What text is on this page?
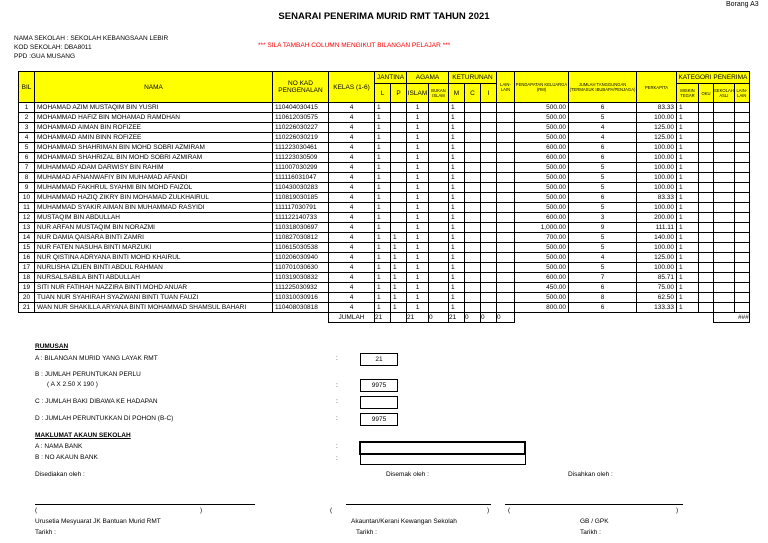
Borang A3
SENARAI PENERIMA MURID RMT TAHUN 2021
NAMA SEKOLAH : SEKOLAH KEBANGSAAN LEBIR
KOD SEKOLAH: DBA8011
PPD :GUA MUSANG
*** SILA TAMBAH COLUMN MENGIKUT BILANGAN PELAJAR ***
BIL	NAMA	NO KAD PENGENALAN	KELAS (1-6)	JANTINA		AGAMA		KETURUNAN			LAIN-LAIN	PENDAPATAN KELUARGA (RM)	JUMLAH TANGGUNGAN (TERMASUK IBUBAPA/PENJAGA)	PERKAPITA	KATEGORI PENERIMA			
				L	P	ISLAM	BUKAN ISLAM	M	C	I					MISKIN TEGAR	OKU	SEKOLAH ASLI	LAIN-LAIN
1	MOHAMAD AZIM MUSTAQIM BIN YUSRI	110404030415	4	1		1		1				500.00	6	83.33	1			
2	MOHAMMAD HAFIZ BIN MOHAMAD RAMDHAN	110612030575	4	1		1		1				500.00	5	100.00	1			
3	MOHAMMAD AIMAN BIN ROFIZEE	110226030227	4	1		1		1				500.00	4	125.00	1			
4	MOHAMMAD AMIN BINN ROFIZEE	110226030219	4	1		1		1				500.00	4	125.00	1			
5	MOHAMMAD SHAHRIMAN BIN MOHD SOBRI AZMIRAM	111223030461	4	1		1		1				600.00	6	100.00	1			
6	MOHAMMAD SHAHRIZAL BIN MOHD SOBRI AZMIRAM	111223030509	4	1		1		1				600.00	6	100.00	1			
7	MUHAMMAD ADAM DARWISY BIN RAHIM	111007030299	4	1		1		1				500.00	5	100.00	1			
8	MUHAMAD AFNANWAFIY BIN MUHAMAD AFANDI	111116031047	4	1		1		1				500.00	5	100.00	1			
9	MUHAMMAD FAKHRUL SYAHMI BIN MOHD FAIZOL	110430030283	4	1		1		1				500.00	5	100.00	1			
10	MUHAMMAD HAZIQ ZIKRY BIN MOHAMAD ZULKHAIRUL	110819030185	4	1		1		1				500.00	6	83.33	1			
11	MUHAMMAD SYAKIR AIMAN BIN MUHAMMAD RASYIDI	111117030791	4	1		1		1				500.00	5	100.00	1			
12	MUSTAQIM BIN ABDULLAH	111122140733	4	1		1		1				600.00	3	200.00	1			
13	NUR ARFAN MUSTAQIM BIN NORAZMI	110318030697	4	1		1		1				1,000.00	9	111.11	1			
14	NUR DAMIA QAISARA BINTI ZAMRI	110827030812	4	1	1	1		1				700.00	5	140.00	1			
15	NUR FATEN NASUHA BINTI MARZUKI	110615030538	4	1	1	1		1				500.00	5	100.00	1			
16	NUR QISTINA ADRYANA BINTI MOHD KHAIRUL	110206030940	4	1	1	1		1				500.00	4	125.00	1			
17	NURLISHA IZLIEN BINTI ABDUL RAHMAN	110701030630	4	1	1	1		1				500.00	5	100.00	1			
18	NURSALSABILA BINTI ABDULLAH	110319030832	4	1	1	1		1				600.00	7	85.71	1			
19	SITI NUR FATIHAH NAZZIRA BINTI MOHD ANUAR	111225030932	4	1	1	1		1				450.00	6	75.00	1			
20	TUAN NUR SYAHIRAH SYAZWANI BINTI TUAN FAUZI	110310030916	4	1	1	1		1				500.00	8	62.50	1			
21	WAN NUR SHAKILLA ARYANA BINTI MOHAMMAD SHAMSUL BAHARI	110408030818	4	1	1	1		1				800.00	6	133.33	1			
			JUMLAH	21		21	0	21	0	0	0						###	
RUMUSAN
A : BILANGAN MURID YANG LAYAK RMT	:	21
B : JUMLAH PERUNTUKAN PERLU
( A X 2.50 X 190 )	:	9975
C : JUMLAH BAKI DIBAWA KE HADAPAN	:
D : JUMLAH PERUNTUKKAN DI POHON (B-C)	:	9975
MAKLUMAT AKAUN SEKOLAH
A : NAMA BANK	:
B : NO AKAUN BANK	:
Disediakan oleh :	Disemak oleh :	Disahkan oleh :
(	)	(	)	(	)
Urusetia Mesyuarat JK Bantuan Murid RMT	Akauntan/Kerani Kewangan Sekolah	GB / GPK
Tarikh :	Tarikh :	Tarikh :
